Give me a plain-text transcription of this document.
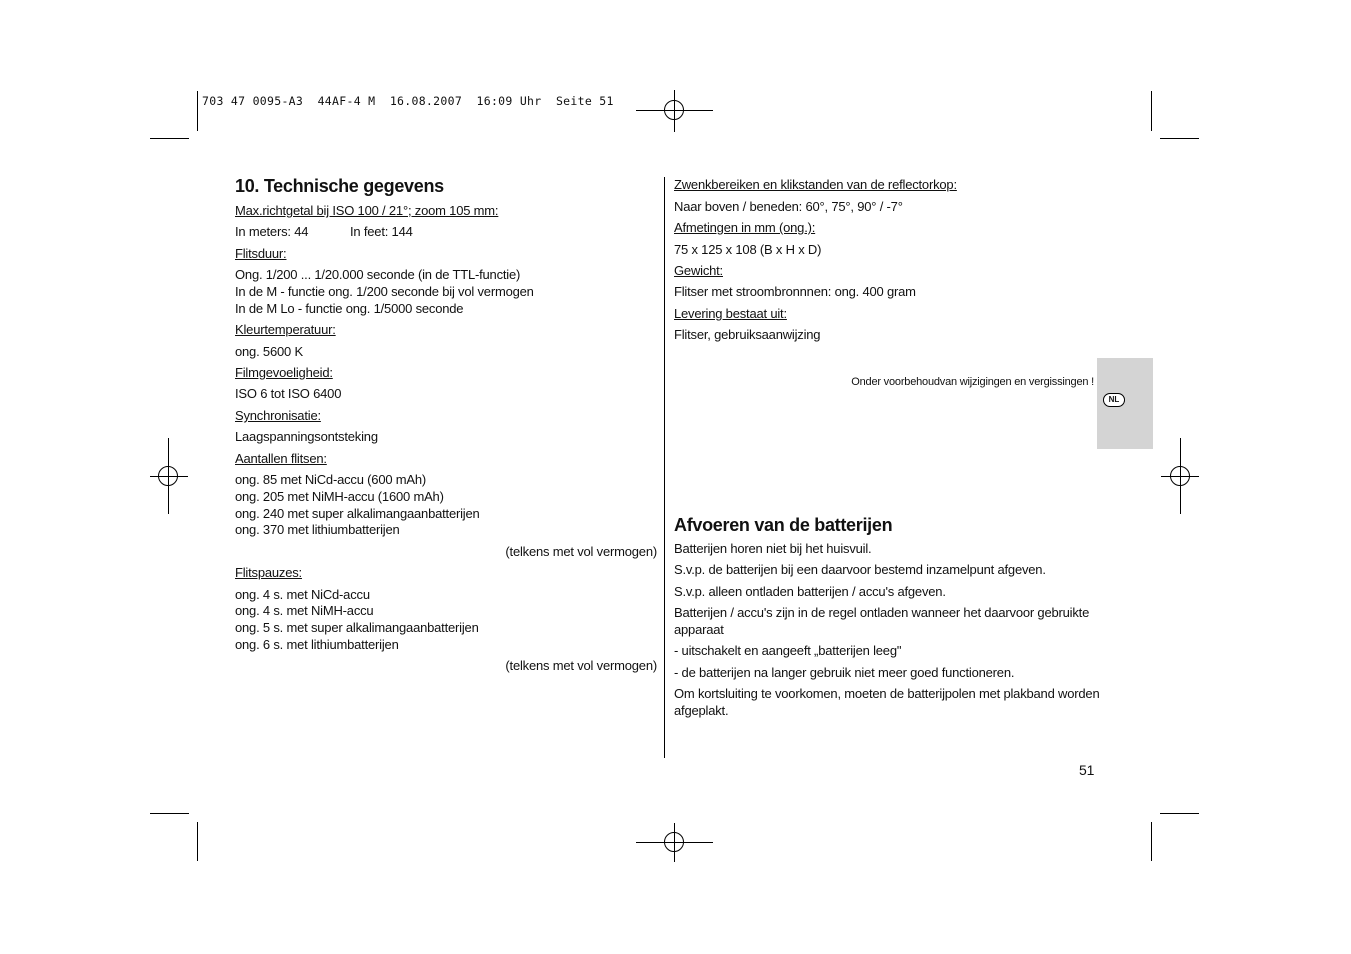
703 47 0095-A3  44AF-4 M  16.08.2007  16:09 Uhr  Seite 51
10. Technische gegevens
Max.richtgetal bij ISO 100 / 21°; zoom 105 mm:
In meters: 44	In feet: 144
Flitsduur:
Ong. 1/200 ... 1/20.000 seconde (in de TTL-functie)
In de M - functie ong. 1/200 seconde bij vol vermogen
In de M Lo - functie ong. 1/5000 seconde
Kleurtemperatuur:
ong. 5600 K
Filmgevoeligheid:
ISO 6 tot ISO 6400
Synchronisatie:
Laagspanningsontsteking
Aantallen flitsen:
ong. 85 met NiCd-accu (600 mAh)
ong. 205 met NiMH-accu (1600 mAh)
ong. 240 met super alkalimangaanbatterijen
ong. 370 met lithiumbatterijen
(telkens met vol vermogen)
Flitspauzes:
ong. 4 s. met NiCd-accu
ong. 4 s. met NiMH-accu
ong. 5 s. met super alkalimangaanbatterijen
ong. 6 s. met lithiumbatterijen
(telkens met vol vermogen)
Zwenkbereiken en klikstanden van de reflectorkop:
Naar boven / beneden: 60°, 75°, 90° / -7°
Afmetingen in mm (ong.):
75 x 125 x 108 (B x H x D)
Gewicht:
Flitser met stroombronnnen: ong. 400 gram
Levering bestaat uit:
Flitser, gebruiksaanwijzing
Onder voorbehoudvan wijzigingen en vergissingen !
Afvoeren van de batterijen
Batterijen horen niet bij het huisvuil.
S.v.p. de batterijen bij een daarvoor bestemd inzamelpunt afgeven.
S.v.p. alleen ontladen batterijen / accu's afgeven.
Batterijen / accu's zijn in de regel ontladen wanneer het daarvoor gebruikte
apparaat
- uitschakelt en aangeeft „batterijen leeg"
- de batterijen na langer gebruik niet meer goed functioneren.
Om kortsluiting te voorkomen, moeten de batterijpolen met plakband worden
afgeplakt.
NL
51
